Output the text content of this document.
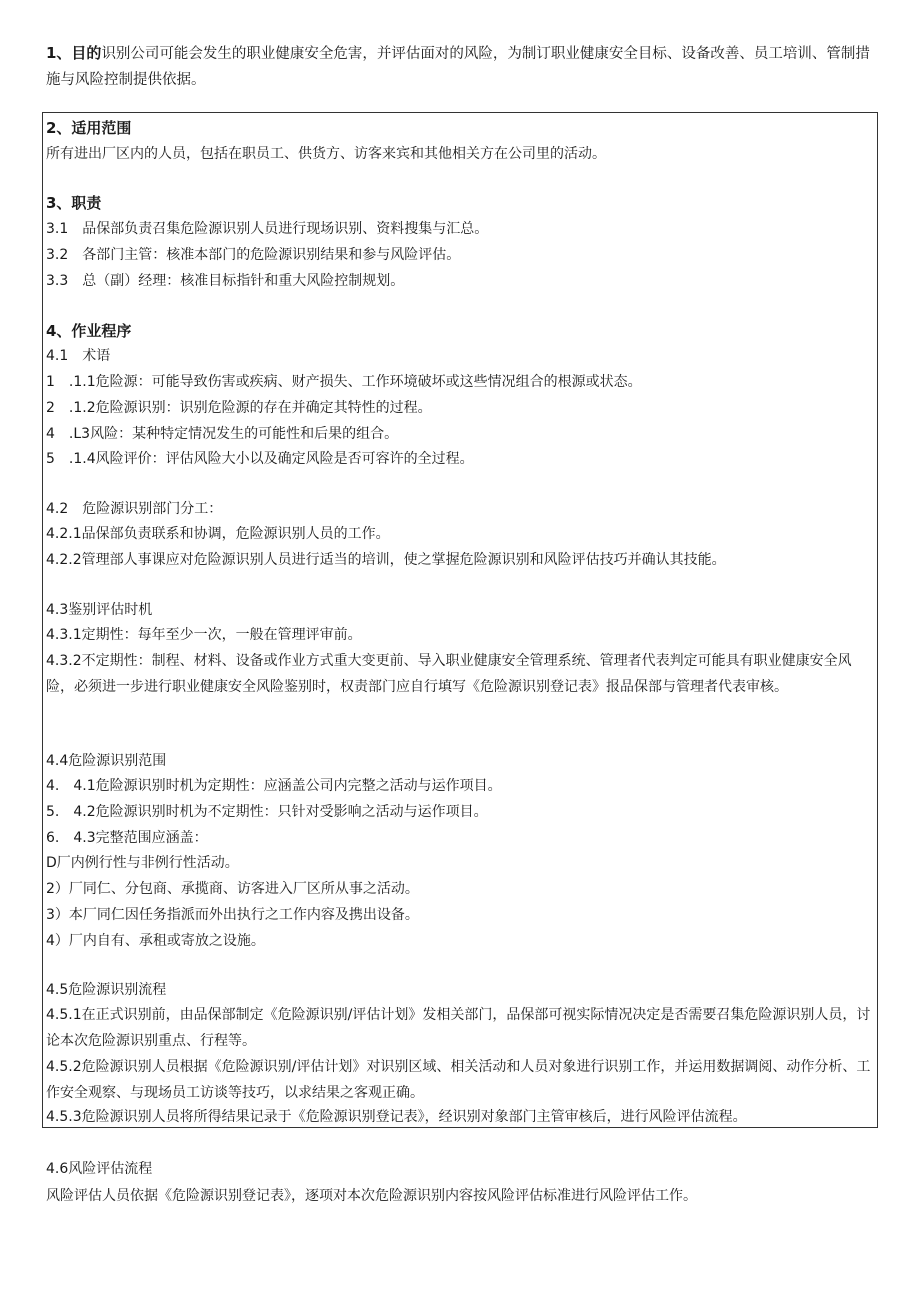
1、目的识别公司可能会发生的职业健康安全危害，并评估面对的风险，为制订职业健康安全目标、设备改善、员工培训、管制措施与风险控制提供依据。
2、适用范围
所有进出厂区内的人员，包括在职员工、供货方、访客来宾和其他相关方在公司里的活动。
3、职责
3.1　品保部负责召集危险源识别人员进行现场识别、资料搜集与汇总。
3.2　各部门主管：核准本部门的危险源识别结果和参与风险评估。
3.3　总（副）经理：核准目标指针和重大风险控制规划。
4、作业程序
4.1　术语
1　.1.1危险源：可能导致伤害或疾病、财产损失、工作环境破坏或这些情况组合的根源或状态。
2　.1.2危险源识别：识别危险源的存在并确定其特性的过程。
4　.L3风险：某种特定情况发生的可能性和后果的组合。
5　.1.4风险评价：评估风险大小以及确定风险是否可容许的全过程。
4.2　危险源识别部门分工：
4.2.1品保部负责联系和协调，危险源识别人员的工作。
4.2.2管理部人事课应对危险源识别人员进行适当的培训，使之掌握危险源识别和风险评估技巧并确认其技能。
4.3鉴别评估时机
4.3.1定期性：每年至少一次，一般在管理评审前。
4.3.2不定期性：制程、材料、设备或作业方式重大变更前、导入职业健康安全管理系统、管理者代表判定可能具有职业健康安全风险，必须进一步进行职业健康安全风险鉴别时，权责部门应自行填写《危险源识别登记表》报品保部与管理者代表审核。
4.4危险源识别范围
4.　4.1危险源识别时机为定期性：应涵盖公司内完整之活动与运作项目。
5.　4.2危险源识别时机为不定期性：只针对受影响之活动与运作项目。
6.　4.3完整范围应涵盖：
D厂内例行性与非例行性活动。
2）厂同仁、分包商、承揽商、访客进入厂区所从事之活动。
3）本厂同仁因任务指派而外出执行之工作内容及携出设备。
4）厂内自有、承租或寄放之设施。
4.5危险源识别流程
4.5.1在正式识别前，由品保部制定《危险源识别/评估计划》发相关部门，品保部可视实际情况决定是否需要召集危险源识别人员，讨论本次危险源识别重点、行程等。
4.5.2危险源识别人员根据《危险源识别/评估计划》对识别区域、相关活动和人员对象进行识别工作，并运用数据调阅、动作分析、工作安全观察、与现场员工访谈等技巧，以求结果之客观正确。
4.5.3危险源识别人员将所得结果记录于《危险源识别登记表》，经识别对象部门主管审核后，进行风险评估流程。
4.6风险评估流程
风险评估人员依据《危险源识别登记表》，逐项对本次危险源识别内容按风险评估标准进行风险评估工作。
